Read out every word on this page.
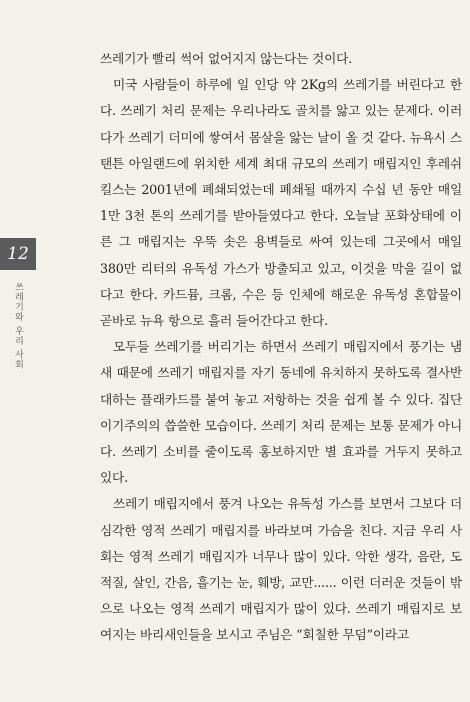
12
쓰레기와 우리 사회

쓰레기가 빨리 썩어 없어지지 않는다는 것이다.

미국 사람들이 하루에 일 인당 약 2Kg의 쓰레기를 버린다고 한다. 쓰레기 처리 문제는 우리나라도 골치를 앓고 있는 문제다. 이러다가 쓰레기 더미에 쌓여서 몸살을 앓는 날이 올 것 같다. 뉴욕시 스탠튼 아일랜드에 위치한 세계 최대 규모의 쓰레기 매립지인 후레쉬 킬스는 2001년에 폐쇄되었는데 폐쇄될 때까지 수십 년 동안 매일 1만 3천 톤의 쓰레기를 받아들였다고 한다. 오늘날 포화상태에 이른 그 매립지는 우뚝 솟은 용벽들로 싸여 있는데 그곳에서 매일 380만 리터의 유독성 가스가 방출되고 있고, 이것을 막을 길이 없다고 한다. 카드뮴, 크롬, 수은 등 인체에 해로운 유독성 혼합물이 곧바로 뉴욕 항으로 흘러 들어간다고 한다.

모두들 쓰레기를 버리기는 하면서 쓰레기 매립지에서 풍기는 냄새 때문에 쓰레기 매립지를 자기 동네에 유치하지 못하도록 결사반대하는 플래카드를 붙여 놓고 저항하는 것을 쉽게 볼 수 있다. 집단 이기주의의 씁쓸한 모습이다. 쓰레기 처리 문제는 보통 문제가 아니다. 쓰레기 소비를 줄이도록 홍보하지만 별 효과를 거두지 못하고 있다.

쓰레기 매립지에서 풍겨 나오는 유독성 가스를 보면서 그보다 더 심각한 영적 쓰레기 매립지를 바라보며 가슴을 친다. 지금 우리 사회는 영적 쓰레기 매립지가 너무나 많이 있다. 악한 생각, 음란, 도적질, 살인, 간음, 흘기는 눈, 훼방, 교만...... 이런 더러운 것들이 밖으로 나오는 영적 쓰레기 매립지가 많이 있다. 쓰레기 매립지로 보여지는 바리새인들을 보시고 주님은 “회칠한 무덤”이라고
